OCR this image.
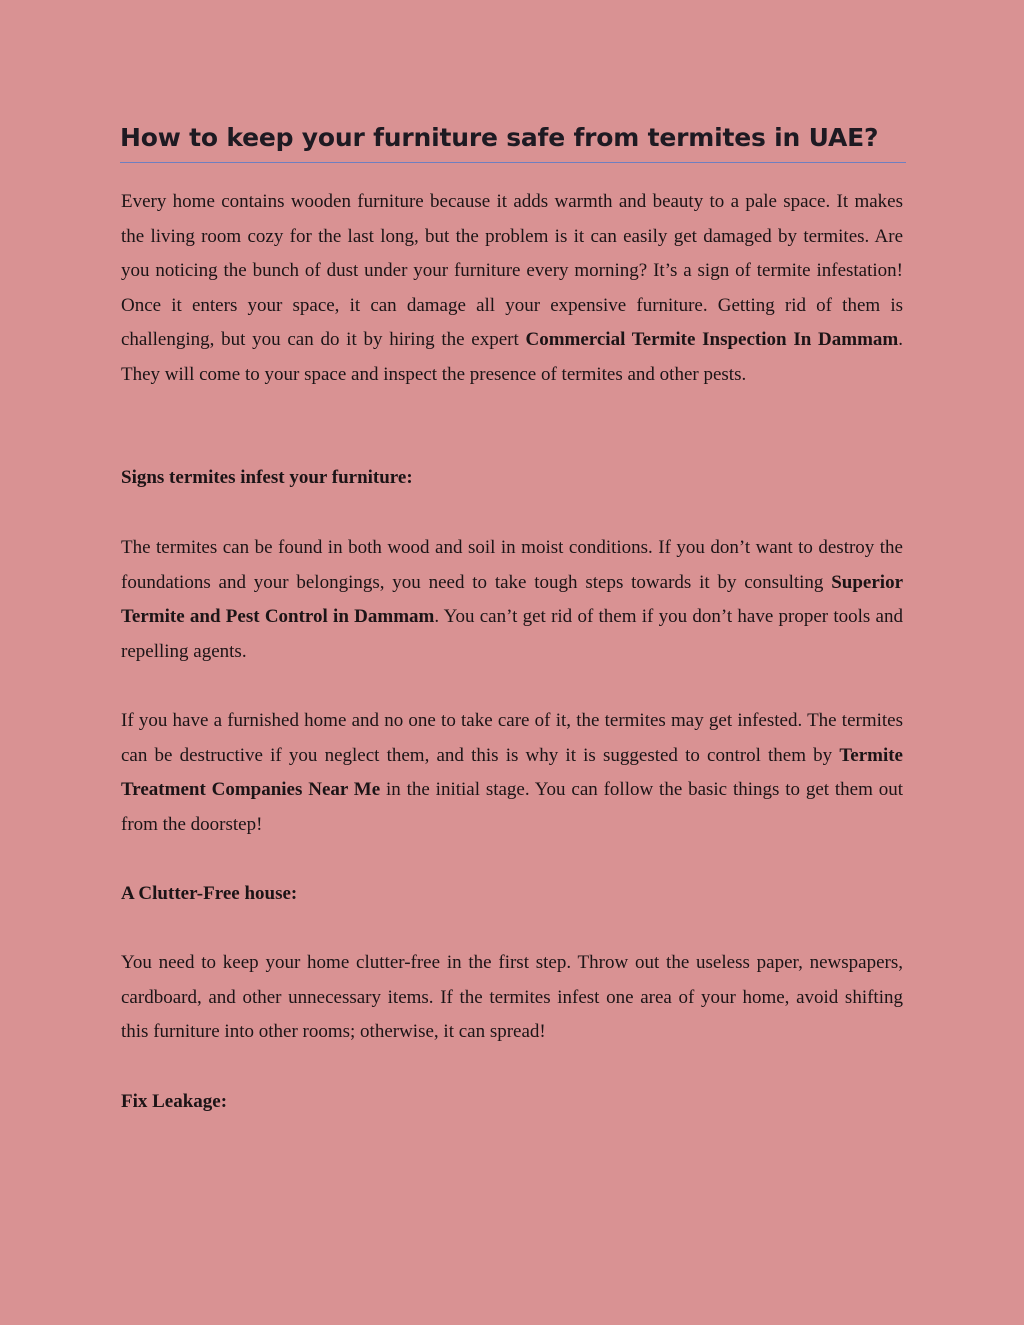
How to keep your furniture safe from termites in UAE?

Every home contains wooden furniture because it adds warmth and beauty to a pale space. It makes the living room cozy for the last long, but the problem is it can easily get damaged by termites. Are you noticing the bunch of dust under your furniture every morning? It’s a sign of termite infestation! Once it enters your space, it can damage all your expensive furniture. Getting rid of them is challenging, but you can do it by hiring the expert Commercial Termite Inspection In Dammam. They will come to your space and inspect the presence of termites and other pests.

Signs termites infest your furniture:

The termites can be found in both wood and soil in moist conditions. If you don’t want to destroy the foundations and your belongings, you need to take tough steps towards it by consulting Superior Termite and Pest Control in Dammam. You can’t get rid of them if you don’t have proper tools and repelling agents.

If you have a furnished home and no one to take care of it, the termites may get infested. The termites can be destructive if you neglect them, and this is why it is suggested to control them by Termite Treatment Companies Near Me in the initial stage. You can follow the basic things to get them out from the doorstep!

A Clutter-Free house:

You need to keep your home clutter-free in the first step. Throw out the useless paper, newspapers, cardboard, and other unnecessary items. If the termites infest one area of your home, avoid shifting this furniture into other rooms; otherwise, it can spread!

Fix Leakage:
